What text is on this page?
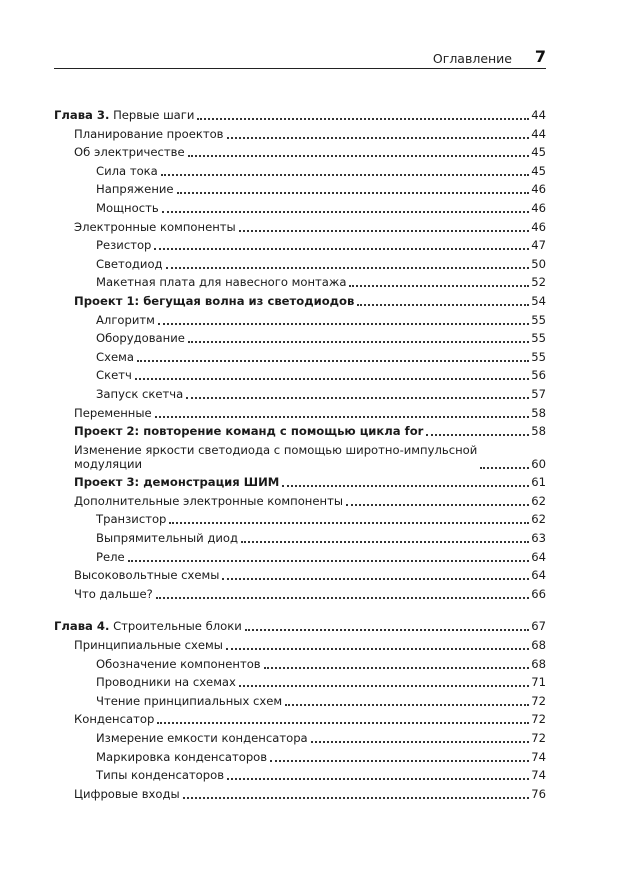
Оглавление 7
Глава 3. Первые шаги	44
Планирование проектов	44
Об электричестве	45
Сила тока	45
Напряжение	46
Мощность	46
Электронные компоненты	46
Резистор	47
Светодиод	50
Макетная плата для навесного монтажа	52
Проект 1: бегущая волна из светодиодов	54
Алгоритм	55
Оборудование	55
Схема	55
Скетч	56
Запуск скетча	57
Переменные	58
Проект 2: повторение команд с помощью цикла for	58
Изменение яркости светодиода с помощью широтно-импульсной
модуляции	60
Проект 3: демонстрация ШИМ	61
Дополнительные электронные компоненты	62
Транзистор	62
Выпрямительный диод	63
Реле	64
Высоковольтные схемы	64
Что дальше?	66
Глава 4. Строительные блоки	67
Принципиальные схемы	68
Обозначение компонентов	68
Проводники на схемах	71
Чтение принципиальных схем	72
Конденсатор	72
Измерение емкости конденсатора	72
Маркировка конденсаторов	74
Типы конденсаторов	74
Цифровые входы	76
